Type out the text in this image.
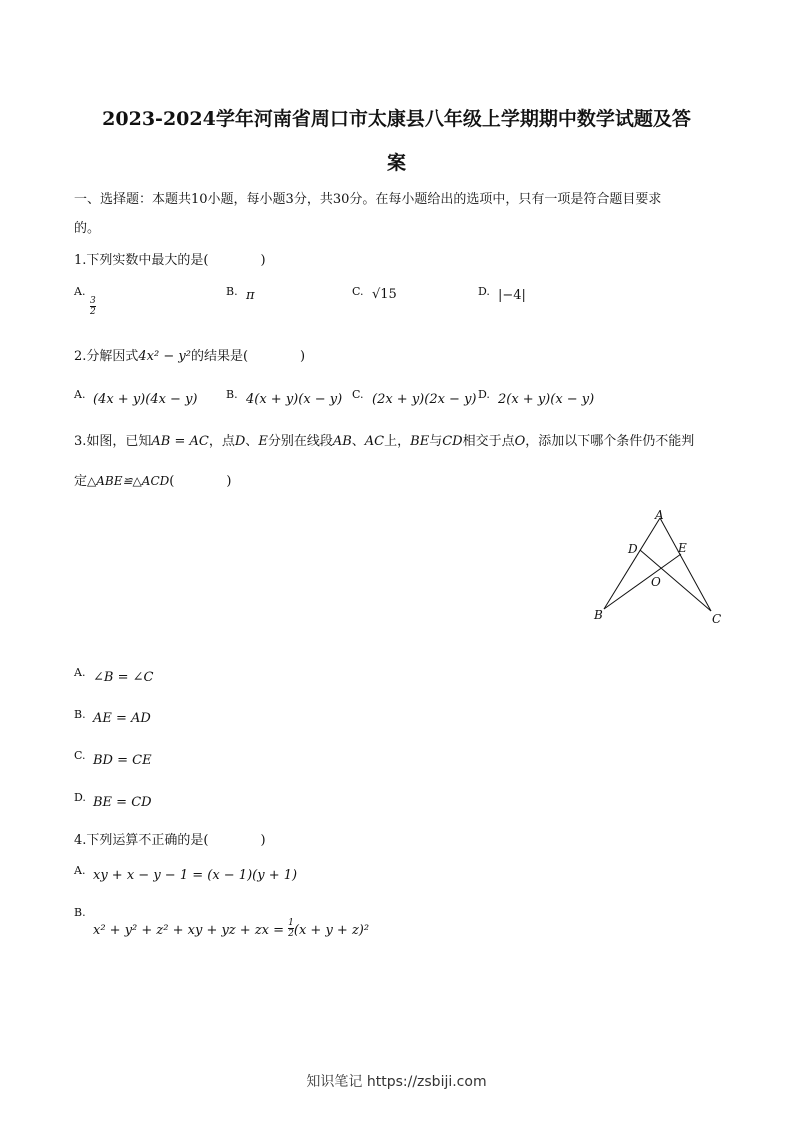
2023-2024学年河南省周口市太康县八年级上学期期中数学试题及答
案
一、选择题：本题共10小题，每小题3分，共30分。在每小题给出的选项中，只有一项是符合题目要求
的。
1.下列实数中最大的是(　　　　)
A.
$\frac{3}{2}$
B. π	C. √15	D. |−4|
2.分解因式4x² − y²的结果是(　　　　)
A. (4x + y)(4x − y)	B. 4(x + y)(x − y) C. (2x + y)(2x − y) D. 2(x + y)(x − y)
3.如图，已知AB = AC，点D、E分别在线段AB、AC上，BE与CD相交于点O，添加以下哪个条件仍不能判
定△ABE≌△ACD(　　　　)
A
D	E
O
B	C
A. ∠B = ∠C
B. AE = AD
C. BD = CE
D. BE = CD
4.下列运算不正确的是(　　　　)
A. xy + x − y − 1 = (x − 1)(y + 1)
B.
x² + y² + z² + xy + yz + zx = $\frac{1}{2} (x + y + z)^2$
知识笔记 https://zsbiji.com
